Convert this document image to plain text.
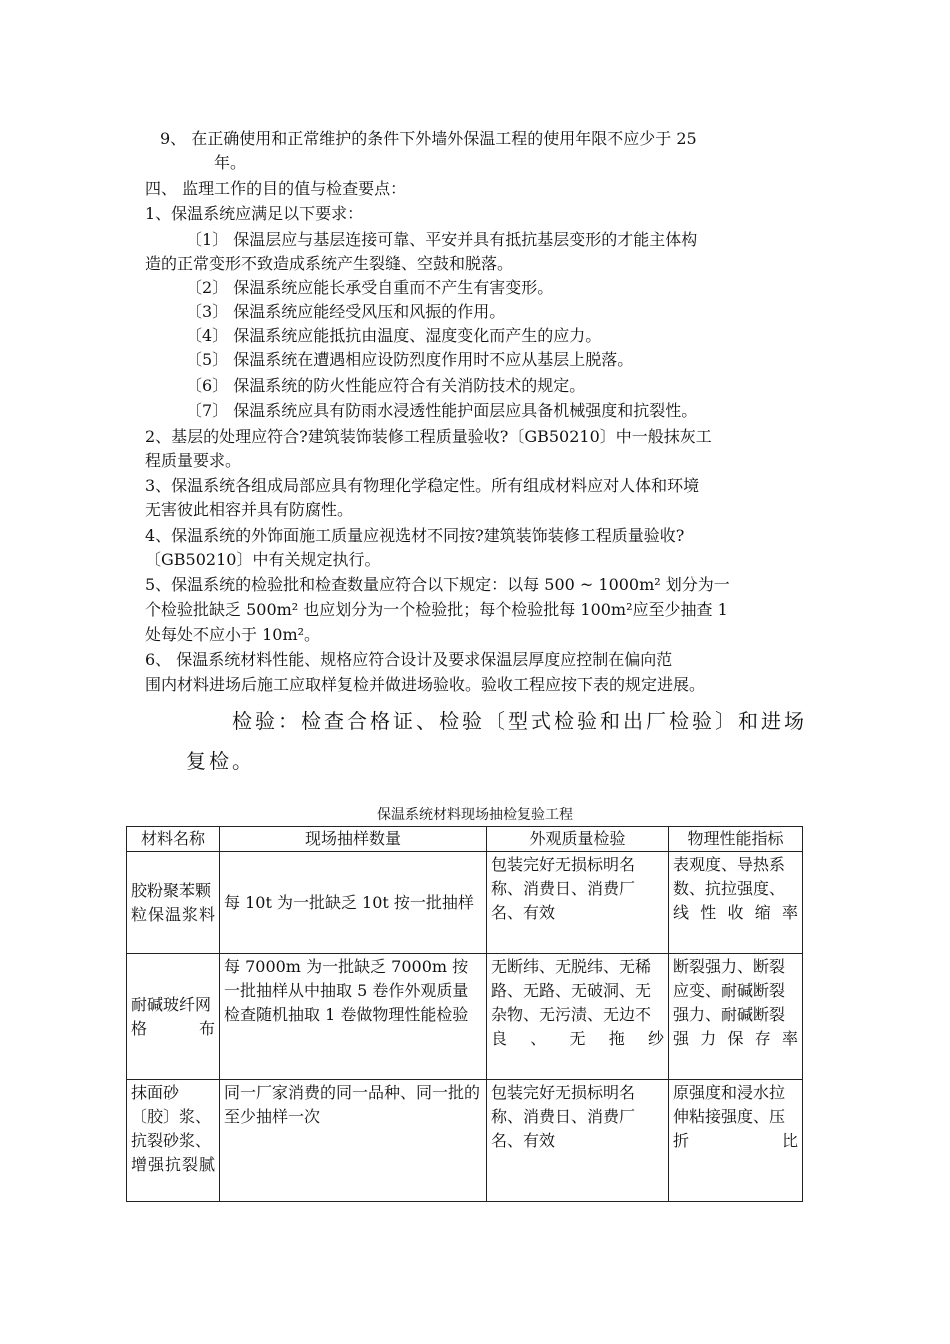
9、 在正确使用和正常维护的条件下外墙外保温工程的使用年限不应少于 25
年。
四、 监理工作的目的值与检查要点：
1、保温系统应满足以下要求：
〔1〕 保温层应与基层连接可靠、平安并具有抵抗基层变形的才能主体构
造的正常变形不致造成系统产生裂缝、空鼓和脱落。
〔2〕 保温系统应能长承受自重而不产生有害变形。
〔3〕 保温系统应能经受风压和风振的作用。
〔4〕 保温系统应能抵抗由温度、湿度变化而产生的应力。
〔5〕 保温系统在遭遇相应设防烈度作用时不应从基层上脱落。
〔6〕 保温系统的防火性能应符合有关消防技术的规定。
〔7〕 保温系统应具有防雨水浸透性能护面层应具备机械强度和抗裂性。
2、基层的处理应符合?建筑装饰装修工程质量验收?〔GB50210〕中一般抹灰工
程质量要求。
3、保温系统各组成局部应具有物理化学稳定性。所有组成材料应对人体和环境
无害彼此相容并具有防腐性。
4、保温系统的外饰面施工质量应视选材不同按?建筑装饰装修工程质量验收?
〔GB50210〕中有关规定执行。
5、保温系统的检验批和检查数量应符合以下规定：以每 500 ~ 1000m² 划分为一
个检验批缺乏 500m² 也应划分为一个检验批；每个检验批每 100m²应至少抽查 1
处每处不应小于 10m²。
6、 保温系统材料性能、规格应符合设计及要求保温层厚度应控制在偏向范
围内材料进场后施工应取样复检并做进场验收。验收工程应按下表的规定进展。
检验：检查合格证、检验〔型式检验和出厂检验〕和进场
复检。
保温系统材料现场抽检复验工程
材料名称	现场抽样数量	外观质量检验	物理性能指标
胶粉聚苯颗粒保温浆料	每 10t 为一批缺乏 10t 按一批抽样	包装完好无损标明名称、消费日、消费厂名、有效	表观度、导热系数、抗拉强度、线性收缩率
耐碱玻纤网格布	每 7000m 为一批缺乏 7000m 按一批抽样从中抽取 5 卷作外观质量检查随机抽取 1 卷做物理性能检验	无断纬、无脱纬、无稀路、无路、无破洞、无杂物、无污渍、无边不良、无拖纱	断裂强力、断裂应变、耐碱断裂强力、耐碱断裂强力保存率
抹面砂〔胶〕浆、抗裂砂浆、增强抗裂腻	同一厂家消费的同一品种、同一批的至少抽样一次	包装完好无损标明名称、消费日、消费厂名、有效	原强度和浸水拉伸粘接强度、压折比
